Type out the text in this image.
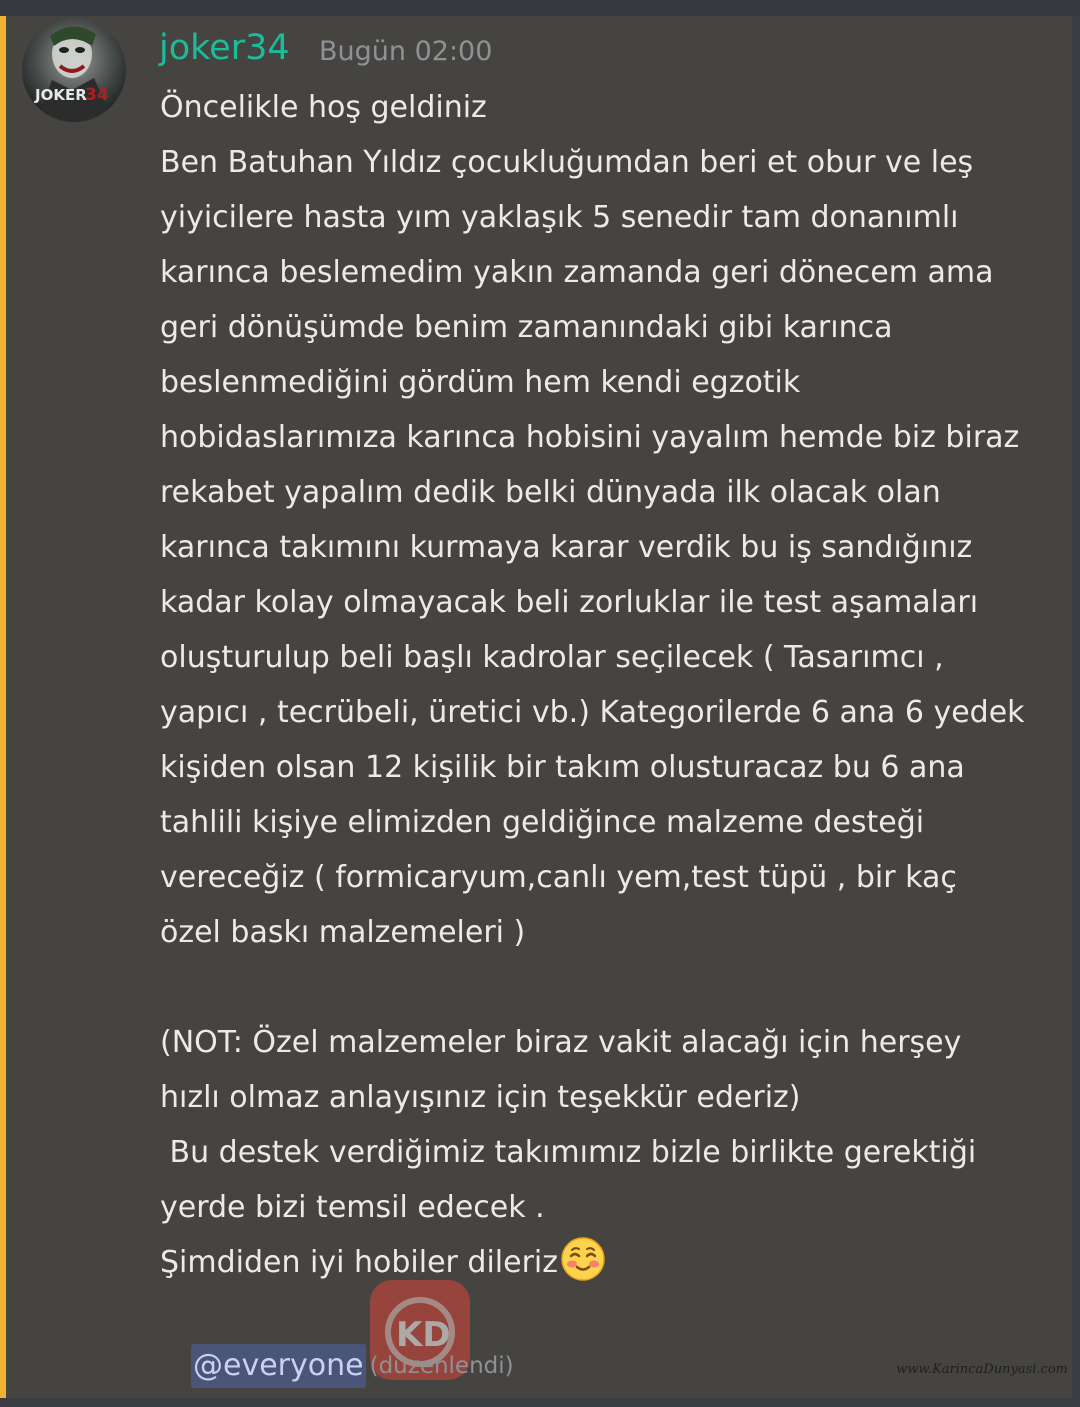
JOKER
34
joker34 Bugün 02:00
Öncelikle hoş geldiniz
Ben Batuhan Yıldız çocukluğumdan beri et obur ve leş
yiyicilere hasta yım yaklaşık 5 senedir tam donanımlı
karınca beslemedim yakın zamanda geri dönecem ama
geri dönüşümde benim zamanındaki gibi karınca
beslenmediğini gördüm hem kendi egzotik
hobidaslarımıza karınca hobisini yayalım hemde biz biraz
rekabet yapalım dedik belki dünyada ilk olacak olan
karınca takımını kurmaya karar verdik bu iş sandığınız
kadar kolay olmayacak beli zorluklar ile test aşamaları
oluşturulup beli başlı kadrolar seçilecek ( Tasarımcı ,
yapıcı , tecrübeli, üretici vb.) Kategorilerde 6 ana 6 yedek
kişiden olsan 12 kişilik bir takım olusturacaz bu 6 ana
tahlili kişiye elimizden geldiğince malzeme desteği
vereceğiz ( formicaryum,canlı yem,test tüpü , bir kaç
özel baskı malzemeleri )
(NOT: Özel malzemeler biraz vakit alacağı için herşey
hızlı olmaz anlayışınız için teşekkür ederiz)
Bu destek verdiğimiz takımımız bizle birlikte gerektiği
yerde bizi temsil edecek .
Şimdiden iyi hobiler dileriz
KD
@everyone (düzenlendi)	www.KarincaDunyasi.com
